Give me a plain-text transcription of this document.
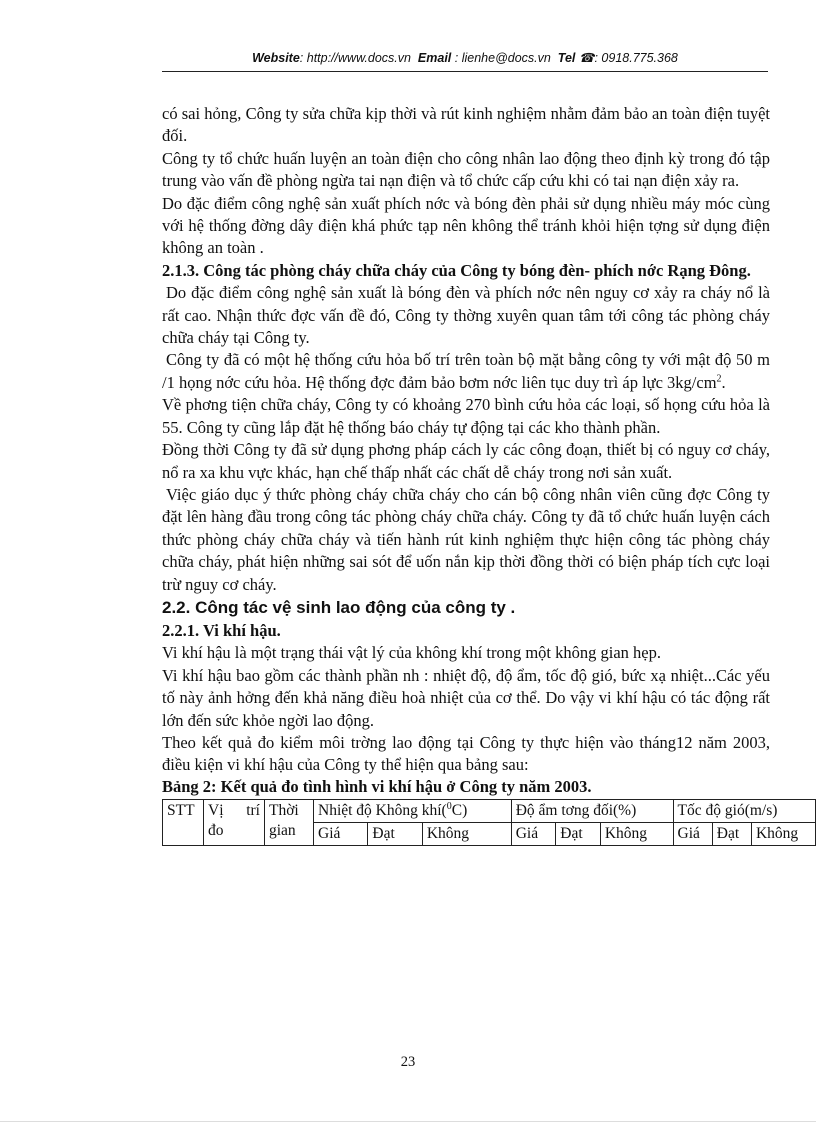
Website: http://www.docs.vn Email : lienhe@docs.vn Tel ☎: 0918.775.368

có sai hỏng, Công ty sửa chữa kịp thời và rút kinh nghiệm nhằm đảm bảo an toàn điện tuyệt đối.

Công ty tổ chức huấn luyện an toàn điện cho công nhân lao động theo định kỳ trong đó tập trung vào vấn đề phòng ngừa tai nạn điện và tổ chức cấp cứu khi có tai nạn điện xảy ra.

Do đặc điểm công nghệ sản xuất phích nớc và bóng đèn phải sử dụng nhiều máy móc cùng với hệ thống đờng dây điện khá phức tạp nên không thể tránh khỏi hiện tợng sử dụng điện không an toàn .

2.1.3. Công tác phòng cháy chữa cháy của Công ty bóng đèn- phích nớc Rạng Đông.

Do đặc điểm công nghệ sản xuất là bóng đèn và phích nớc nên nguy cơ xảy ra cháy nổ là rất cao. Nhận thức đợc vấn đề đó, Công ty thờng xuyên quan tâm tới công tác phòng cháy chữa cháy tại Công ty.

Công ty đã có một hệ thống cứu hỏa bố trí trên toàn bộ mặt bằng công ty với mật độ 50 m /1 họng nớc cứu hỏa. Hệ thống đợc đảm bảo bơm nớc liên tục duy trì áp lực $3kg/cm^2$.

Về phơng tiện chữa cháy, Công ty có khoảng 270 bình cứu hỏa các loại, số họng cứu hỏa là 55. Công ty cũng lắp đặt hệ thống báo cháy tự động tại các kho thành phần.

Đồng thời Công ty đã sử dụng phơng pháp cách ly các công đoạn, thiết bị có nguy cơ cháy, nổ ra xa khu vực khác, hạn chế thấp nhất các chất dễ cháy trong nơi sản xuất.

Việc giáo dục ý thức phòng cháy chữa cháy cho cán bộ công nhân viên cũng đợc Công ty đặt lên hàng đầu trong công tác phòng cháy chữa cháy. Công ty đã tổ chức huấn luyện cách thức phòng cháy chữa cháy và tiến hành rút kinh nghiệm thực hiện công tác phòng cháy chữa cháy, phát hiện những sai sót để uốn nắn kịp thời đồng thời có biện pháp tích cực loại trừ nguy cơ cháy.

2.2. Công tác vệ sinh lao động của công ty .

2.2.1. Vi khí hậu.

Vi khí hậu là một trạng thái vật lý của không khí trong một không gian hẹp.

Vi khí hậu bao gồm các thành phần nh : nhiệt độ, độ ẩm, tốc độ gió, bức xạ nhiệt...Các yếu tố này ảnh hởng đến khả năng điều hoà nhiệt của cơ thể. Do vậy vi khí hậu có tác động rất lớn đến sức khỏe ngời lao động.

Theo kết quả đo kiểm môi trờng lao động tại Công ty thực hiện vào tháng12 năm 2003, điều kiện vi khí hậu của Công ty thể hiện qua bảng sau:

Bảng 2: Kết quả đo tình hình vi khí hậu ở Công ty năm 2003.

STT	Vị trí đo	Thời gian	Nhiệt độ Không khí($^0$C)			Độ ẩm tơng đối(%)			Tốc độ gió(m/s)		
			Giá	Đạt	Không	Giá	Đạt	Không	Giá	Đạt	Không
23
